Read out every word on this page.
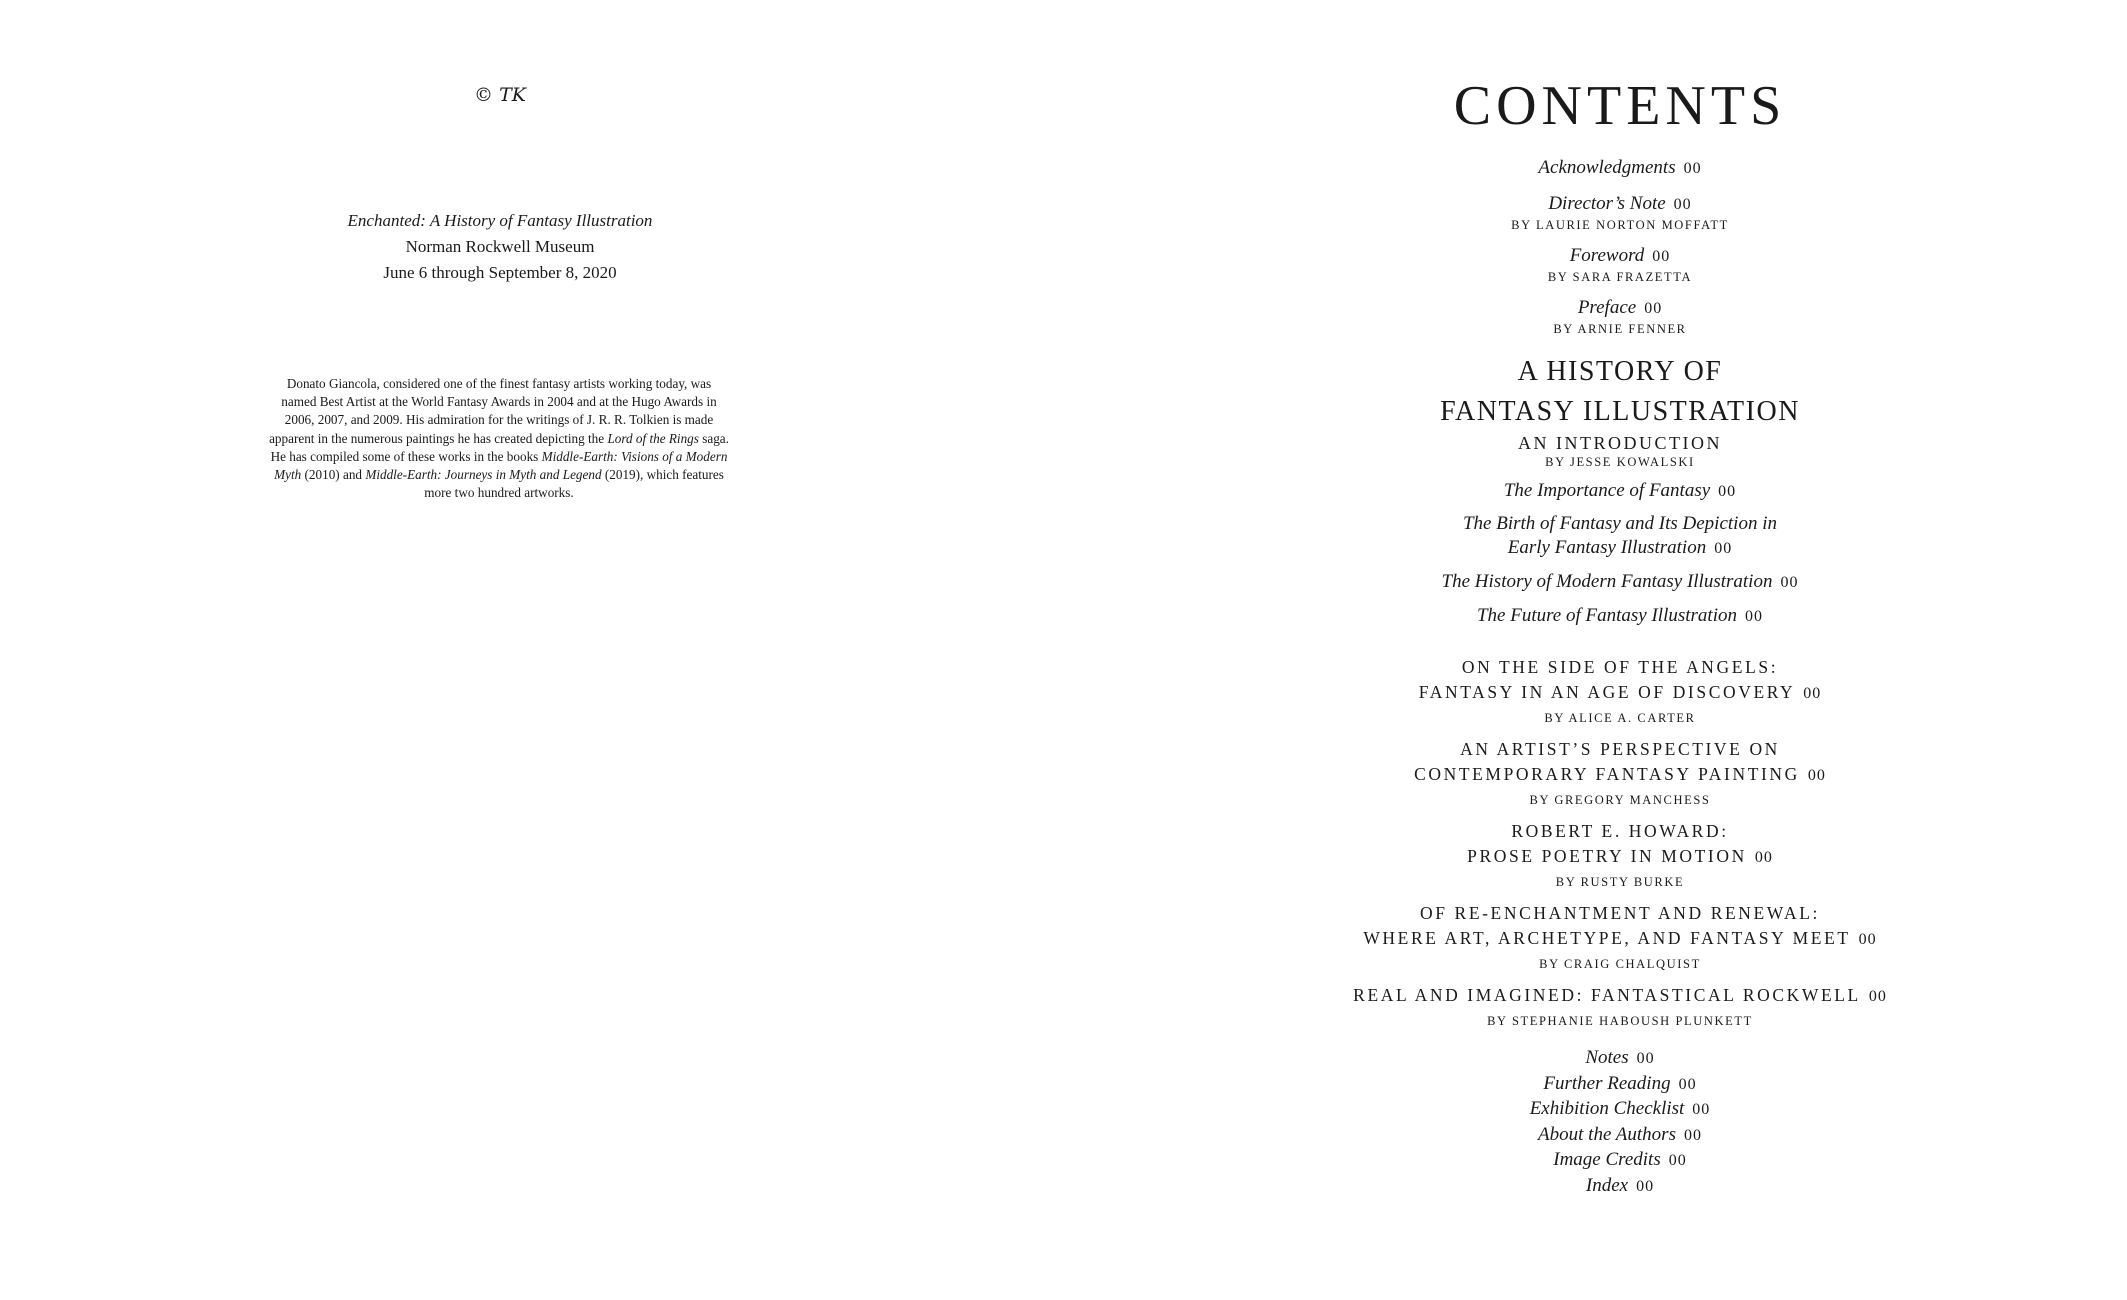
© TK
Enchanted: A History of Fantasy Illustration
Norman Rockwell Museum
June 6 through September 8, 2020
Donato Giancola, considered one of the finest fantasy artists working today, was named Best Artist at the World Fantasy Awards in 2004 and at the Hugo Awards in 2006, 2007, and 2009. His admiration for the writings of J. R. R. Tolkien is made apparent in the numerous paintings he has created depicting the Lord of the Rings saga. He has compiled some of these works in the books Middle-Earth: Visions of a Modern Myth (2010) and Middle-Earth: Journeys in Myth and Legend (2019), which features more two hundred artworks.
CONTENTS

Acknowledgments 00

Director’s Note 00

BY LAURIE NORTON MOFFATT

Foreword 00

BY SARA FRAZETTA

Preface 00

BY ARNIE FENNER

A HISTORY OF

FANTASY ILLUSTRATION

AN INTRODUCTION

BY JESSE KOWALSKI

The Importance of Fantasy 00

The Birth of Fantasy and Its Depiction in
Early Fantasy Illustration 00

The History of Modern Fantasy Illustration 00

The Future of Fantasy Illustration 00

ON THE SIDE OF THE ANGELS:

FANTASY IN AN AGE OF DISCOVERY 00

BY ALICE A. CARTER

AN ARTIST’S PERSPECTIVE ON

CONTEMPORARY FANTASY PAINTING 00

BY GREGORY MANCHESS

ROBERT E. HOWARD:

PROSE POETRY IN MOTION 00

BY RUSTY BURKE

OF RE-ENCHANTMENT AND RENEWAL:

WHERE ART, ARCHETYPE, AND FANTASY MEET 00

BY CRAIG CHALQUIST

REAL AND IMAGINED: FANTASTICAL ROCKWELL 00

BY STEPHANIE HABOUSH PLUNKETT

Notes 00

Further Reading 00

Exhibition Checklist 00

About the Authors 00

Image Credits 00

Index 00
